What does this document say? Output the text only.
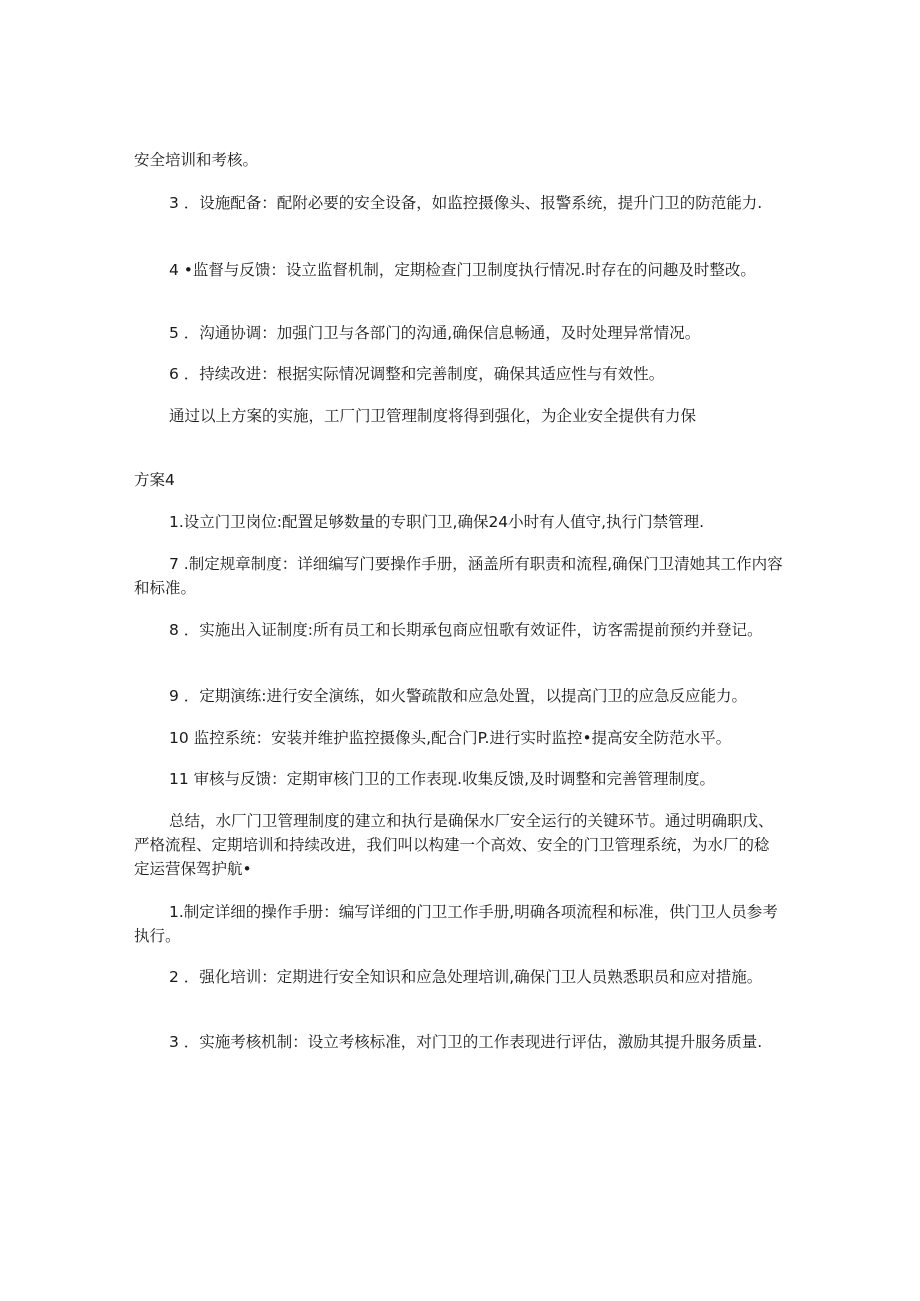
安全培训和考核。

3 ．设施配备：配附必要的安全设备，如监控摄像头、报警系统，提升门卫的防范能力.

4 •监督与反馈：设立监督机制，定期检查门卫制度执行情况.时存在的问趣及时整改。

5 ．沟通协调：加强门卫与各部门的沟通,确保信息畅通，及时处理异常情况。

6 ．持续改进：根据实际情况调整和完善制度，确保其适应性与有效性。

通过以上方案的实施，工厂门卫管理制度将得到强化，为企业安全提供有力保

方案4

1.设立门卫岗位:配置足够数量的专职门卫,确保24小时有人值守,执行门禁管理.

7 .制定规章制度：详细编写门要操作手册，涵盖所有职责和流程,确保门卫清她其工作内容和标准。

8 ．实施出入证制度:所有员工和长期承包商应忸歌有效证件，访客需提前预约并登记。

9 ．定期演练:进行安全演练，如火警疏散和应急处置，以提高门卫的应急反应能力。

10 监控系统：安装并维护监控摄像头,配合门P.进行实时监控•提高安全防范水平。

11 审核与反馈：定期审核门卫的工作表现.收集反馈,及时调整和完善管理制度。

总结，水厂门卫管理制度的建立和执行是确保水厂安全运行的关键环节。通过明确职戊、严格流程、定期培训和持续改进，我们叫以构建一个高效、安全的门卫管理系统，为水厂的稔定运营保驾护航•

1.制定详细的操作手册：编写详细的门卫工作手册,明确各项流程和标准，供门卫人员参考执行。

2 ．强化培训：定期进行安全知识和应急处理培训,确保门卫人员熟悉职员和应对措施。

3 ．实施考核机制：设立考核标准，对门卫的工作表现进行评估，激励其提升服务质量.
